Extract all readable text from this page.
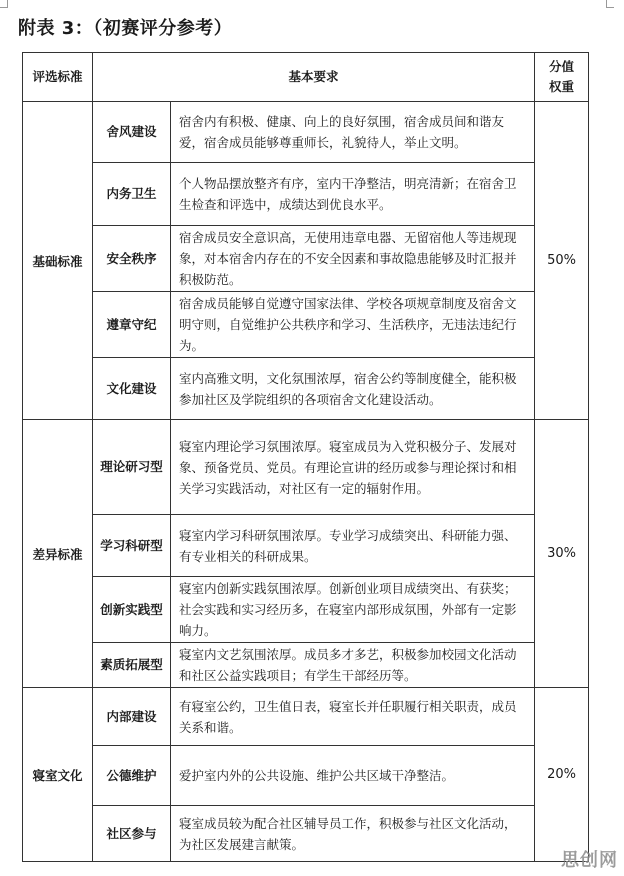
附表 3：（初赛评分参考）
评选标准	基本要求		分值
权重
基础标准	舍风建设	宿舍内有积极、健康、向上的良好氛围，宿舍成员间和谐友爱，宿舍成员能够尊重师长，礼貌待人，举止文明。	50%
	内务卫生	个人物品摆放整齐有序，室内干净整洁，明亮清新；在宿舍卫生检查和评选中，成绩达到优良水平。	
	安全秩序	宿舍成员安全意识高，无使用违章电器、无留宿他人等违规现象，对本宿舍内存在的不安全因素和事故隐患能够及时汇报并积极防范。	
	遵章守纪	宿舍成员能够自觉遵守国家法律、学校各项规章制度及宿舍文明守则，自觉维护公共秩序和学习、生活秩序，无违法违纪行为。	
	文化建设	室内高雅文明，文化氛围浓厚，宿舍公约等制度健全，能积极参加社区及学院组织的各项宿舍文化建设活动。	
差异标准	理论研习型	寝室内理论学习氛围浓厚。寝室成员为入党积极分子、发展对象、预备党员、党员。有理论宣讲的经历或参与理论探讨和相关学习实践活动，对社区有一定的辐射作用。	30%
	学习科研型	寝室内学习科研氛围浓厚。专业学习成绩突出、科研能力强、有专业相关的科研成果。	
	创新实践型	寝室内创新实践氛围浓厚。创新创业项目成绩突出、有获奖；社会实践和实习经历多，在寝室内部形成氛围，外部有一定影响力。	
	素质拓展型	寝室内文艺氛围浓厚。成员多才多艺，积极参加校园文化活动和社区公益实践项目；有学生干部经历等。	
寝室文化	内部建设	有寝室公约，卫生值日表，寝室长并任职履行相关职责，成员关系和谐。	20%
	公德维护	爱护室内外的公共设施、维护公共区域干净整洁。	
	社区参与	寝室成员较为配合社区辅导员工作，积极参与社区文化活动，为社区发展建言献策。	
思创网
